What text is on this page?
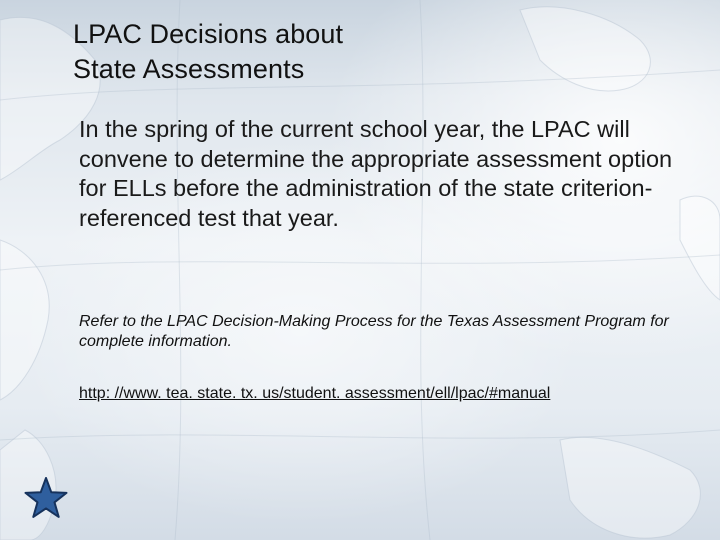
LPAC Decisions about
State Assessments

In the spring of the current school year, the LPAC will convene to determine the appropriate assessment option for ELLs before the administration of the state criterion-referenced test that year.

Refer to the LPAC Decision-Making Process for the Texas Assessment Program for complete information.

http: //www. tea. state. tx. us/student. assessment/ell/lpac/#manual
